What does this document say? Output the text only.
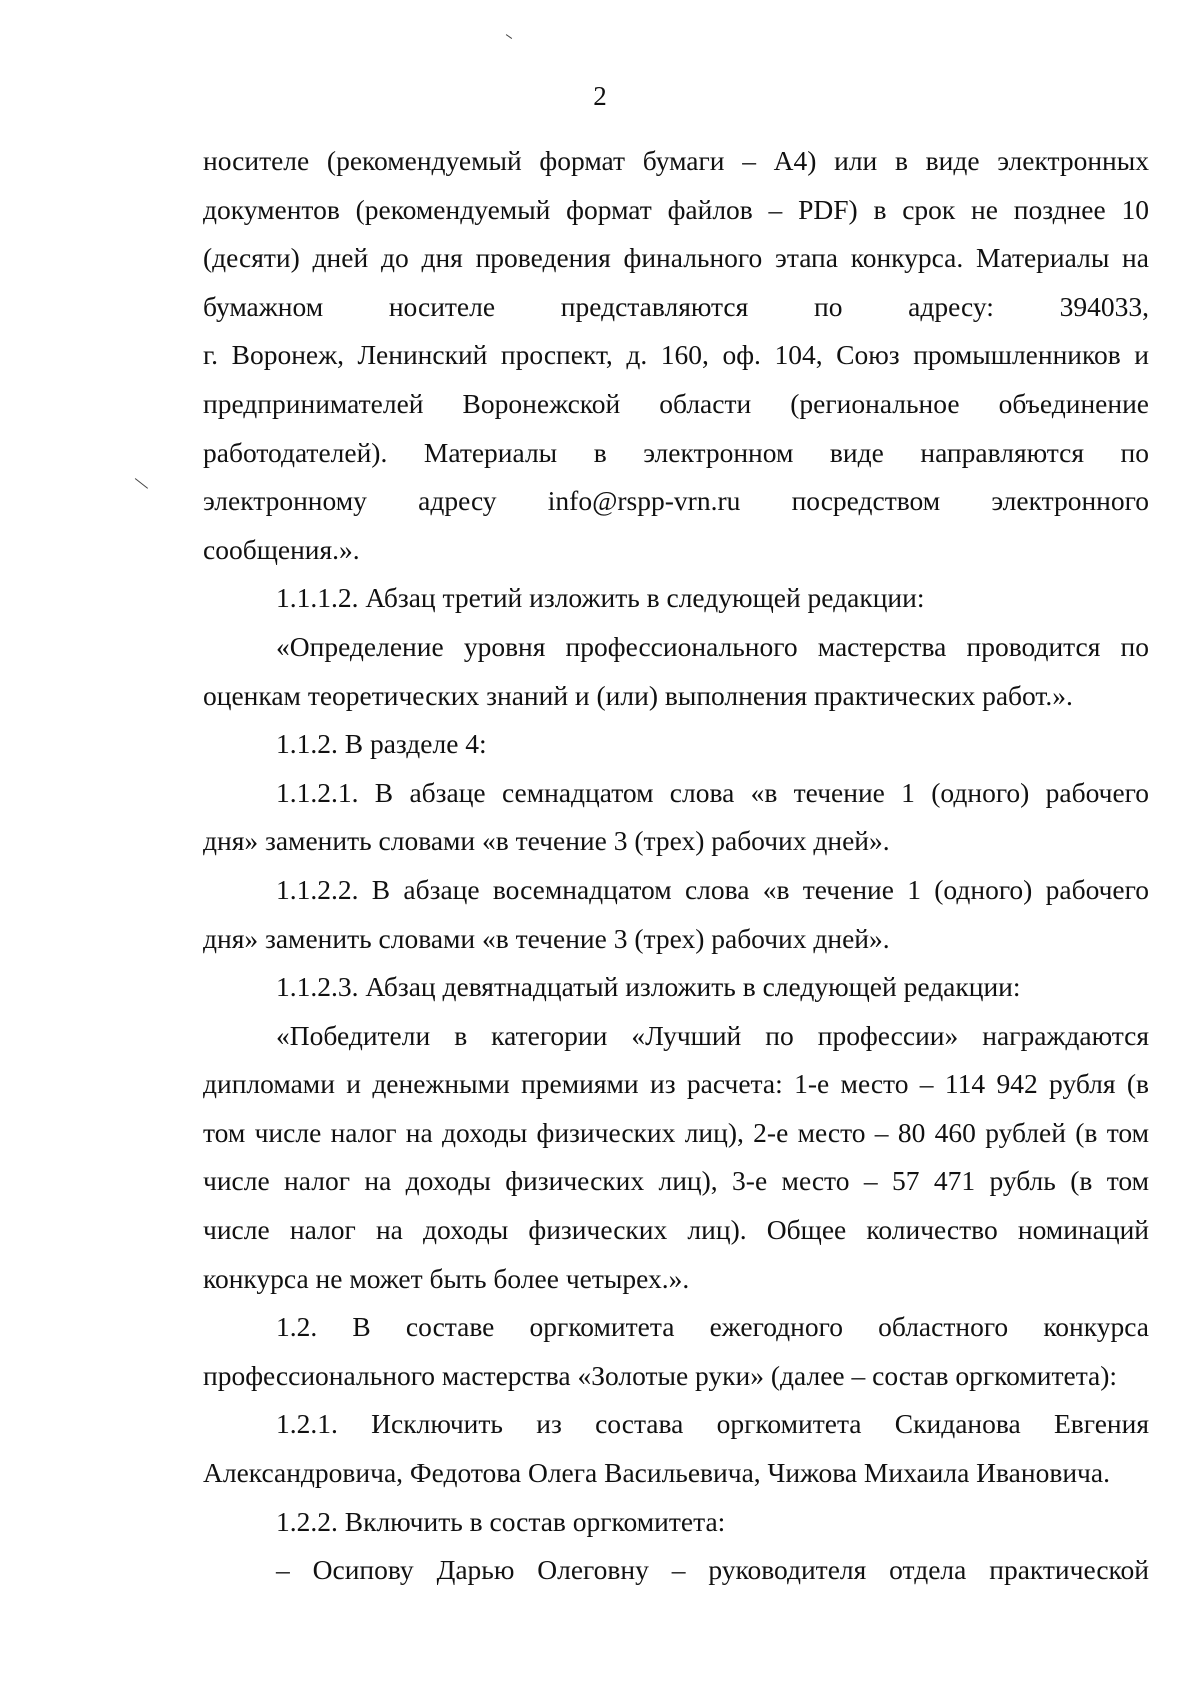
2

носителе (рекомендуемый формат бумаги – А4) или в виде электронных
документов (рекомендуемый формат файлов – PDF) в срок не позднее 10
(десяти) дней до дня проведения финального этапа конкурса. Материалы на
бумажном носителе представляются по адресу: 394033,
г. Воронеж, Ленинский проспект, д. 160, оф. 104, Союз промышленников и
предпринимателей Воронежской области (региональное объединение
работодателей). Материалы в электронном виде направляются по
электронному адресу info@rspp-vrn.ru посредством электронного
сообщения.».

1.1.1.2. Абзац третий изложить в следующей редакции:

«Определение уровня профессионального мастерства проводится по
оценкам теоретических знаний и (или) выполнения практических работ.».

1.1.2. В разделе 4:

1.1.2.1. В абзаце семнадцатом слова «в течение 1 (одного) рабочего
дня» заменить словами «в течение 3 (трех) рабочих дней».

1.1.2.2. В абзаце восемнадцатом слова «в течение 1 (одного) рабочего
дня» заменить словами «в течение 3 (трех) рабочих дней».

1.1.2.3. Абзац девятнадцатый изложить в следующей редакции:

«Победители в категории «Лучший по профессии» награждаются
дипломами и денежными премиями из расчета: 1-е место – 114 942 рубля (в
том числе налог на доходы физических лиц), 2-е место – 80 460 рублей (в том
числе налог на доходы физических лиц), 3-е место – 57 471 рубль (в том
числе налог на доходы физических лиц). Общее количество номинаций
конкурса не может быть более четырех.».

1.2. В составе оргкомитета ежегодного областного конкурса
профессионального мастерства «Золотые руки» (далее – состав оргкомитета):

1.2.1. Исключить из состава оргкомитета Скиданова Евгения
Александровича, Федотова Олега Васильевича, Чижова Михаила Ивановича.

1.2.2. Включить в состав оргкомитета:

– Осипову Дарью Олеговну – руководителя отдела практической
